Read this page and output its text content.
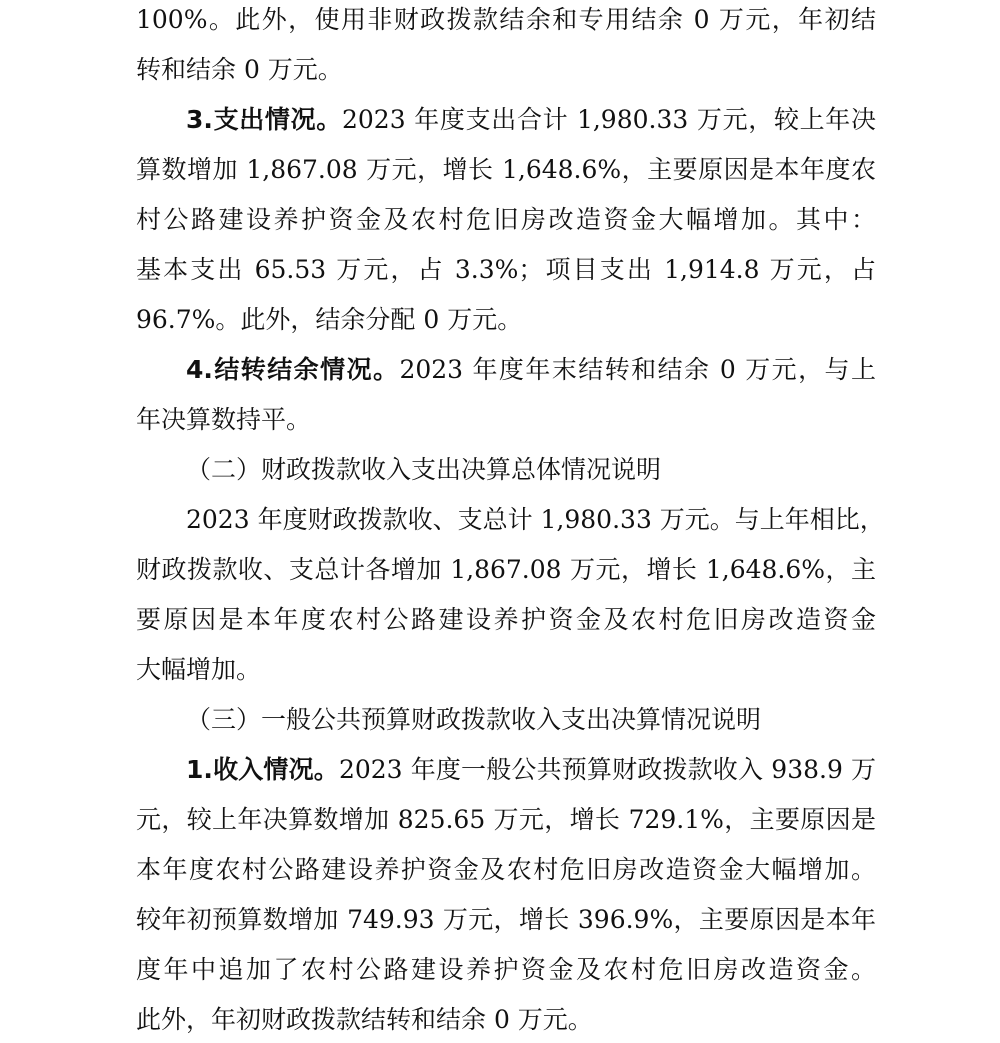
100%。此外，使用非财政拨款结余和专用结余 0 万元，年初结
转和结余 0 万元。
3.支出情况。2023 年度支出合计 1,980.33 万元，较上年决
算数增加 1,867.08 万元，增长 1,648.6%，主要原因是本年度农
村公路建设养护资金及农村危旧房改造资金大幅增加。其中：
基本支出 65.53 万元，占 3.3%；项目支出 1,914.8 万元，占
96.7%。此外，结余分配 0 万元。
4.结转结余情况。2023 年度年末结转和结余 0 万元，与上
年决算数持平。
（二）财政拨款收入支出决算总体情况说明
2023 年度财政拨款收、支总计 1,980.33 万元。与上年相比，
财政拨款收、支总计各增加 1,867.08 万元，增长 1,648.6%，主
要原因是本年度农村公路建设养护资金及农村危旧房改造资金
大幅增加。
（三）一般公共预算财政拨款收入支出决算情况说明
1.收入情况。2023 年度一般公共预算财政拨款收入 938.9 万
元，较上年决算数增加 825.65 万元，增长 729.1%，主要原因是
本年度农村公路建设养护资金及农村危旧房改造资金大幅增加。
较年初预算数增加 749.93 万元，增长 396.9%，主要原因是本年
度年中追加了农村公路建设养护资金及农村危旧房改造资金。
此外，年初财政拨款结转和结余 0 万元。
